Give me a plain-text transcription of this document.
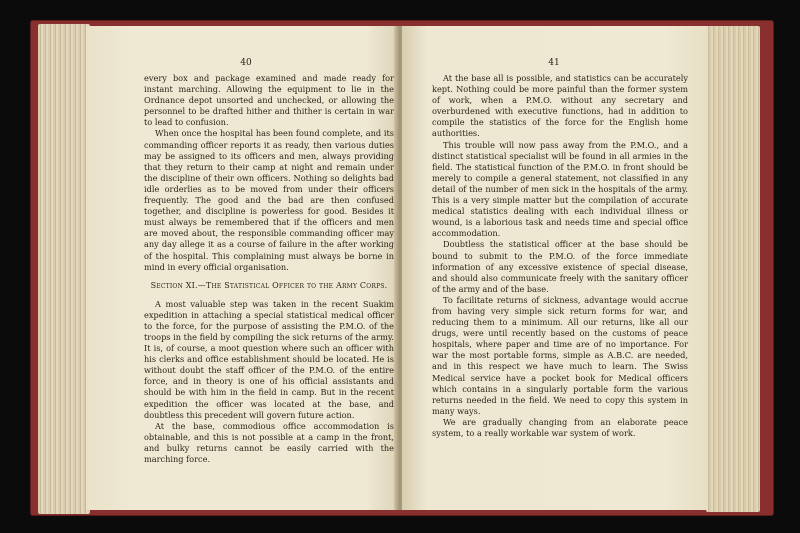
40

every box and package examined and made ready for instant marching. Allowing the equipment to lie in the Ordnance depot unsorted and unchecked, or allowing the personnel to be drafted hither and thither is certain in war to lead to confusion.

When once the hospital has been found complete, and its commanding officer reports it as ready, then various duties may be assigned to its officers and men, always providing that they return to their camp at night and remain under the discipline of their own officers. Nothing so delights bad idle orderlies as to be moved from under their officers frequently. The good and the bad are then confused together, and discipline is powerless for good. Besides it must always be remembered that if the officers and men are moved about, the responsible commanding officer may any day allege it as a course of failure in the after working of the hospital. This complaining must always be borne in mind in every official organisation.

Section XI.—The Statistical Officer to the Army Corps.

A most valuable step was taken in the recent Suakim expedition in attaching a special statistical medical officer to the force, for the purpose of assisting the P.M.O. of the troops in the field by compiling the sick returns of the army. It is, of course, a moot question where such an officer with his clerks and office establishment should be located. He is without doubt the staff officer of the P.M.O. of the entire force, and in theory is one of his official assistants and should be with him in the field in camp. But in the recent expedition the officer was located at the base, and doubtless this precedent will govern future action.

At the base, commodious office accommodation is obtainable, and this is not possible at a camp in the front, and bulky returns cannot be easily carried with the marching force.

41

At the base all is possible, and statistics can be accurately kept. Nothing could be more painful than the former system of work, when a P.M.O. without any secretary and overburdened with executive functions, had in addition to compile the statistics of the force for the English home authorities.

This trouble will now pass away from the P.M.O., and a distinct statistical specialist will be found in all armies in the field. The statistical function of the P.M.O. in front should be merely to compile a general statement, not classified in any detail of the number of men sick in the hospitals of the army. This is a very simple matter but the compilation of accurate medical statistics dealing with each individual illness or wound, is a laborious task and needs time and special office accommodation.

Doubtless the statistical officer at the base should be bound to submit to the P.M.O. of the force immediate information of any excessive existence of special disease, and should also communicate freely with the sanitary officer of the army and of the base.

To facilitate returns of sickness, advantage would accrue from having very simple sick return forms for war, and reducing them to a minimum. All our returns, like all our drugs, were until recently based on the customs of peace hospitals, where paper and time are of no importance. For war the most portable forms, simple as A.B.C. are needed, and in this respect we have much to learn. The Swiss Medical service have a pocket book for Medical officers which contains in a singularly portable form the various returns needed in the field. We need to copy this system in many ways.

We are gradually changing from an elaborate peace system, to a really workable war system of work.
